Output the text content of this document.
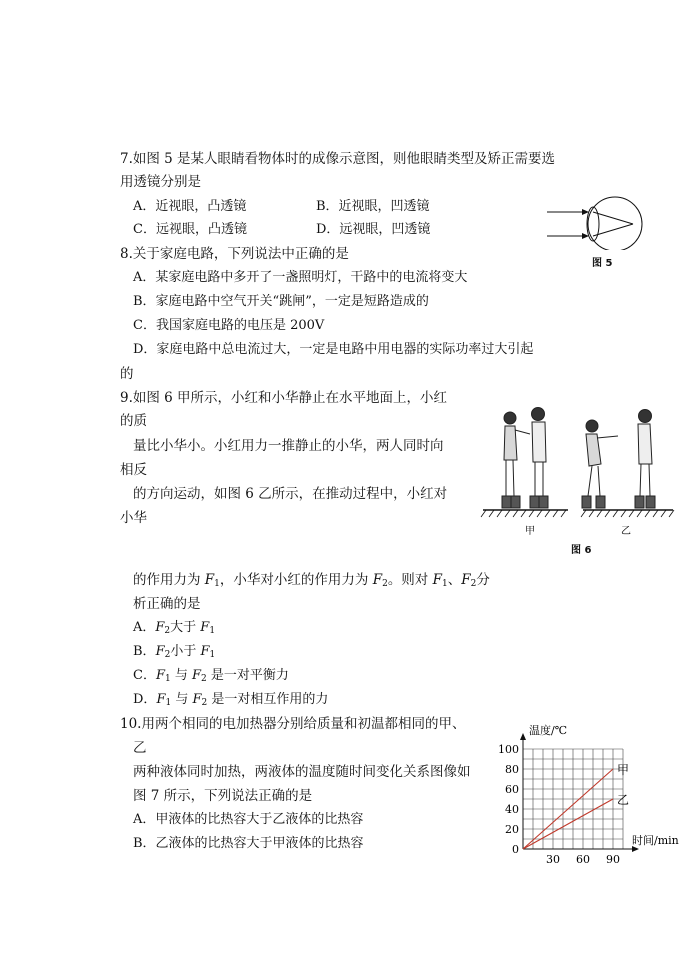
7.如图 5 是某人眼睛看物体时的成像示意图，则他眼睛类型及矫正需要选
用透镜分别是
A．近视眼，凸透镜	B．近视眼，凹透镜
C．远视眼，凸透镜	D．远视眼，凹透镜
图 5
8.关于家庭电路，下列说法中正确的是
A．某家庭电路中多开了一盏照明灯，干路中的电流将变大
B．家庭电路中空气开关“跳闸”，一定是短路造成的
C．我国家庭电路的电压是 200V
D．家庭电路中总电流过大，一定是电路中用电器的实际功率过大引起
的
9.如图 6 甲所示，小红和小华静止在水平地面上，小红
的质
量比小华小。小红用力一推静止的小华，两人同时向
相反
的方向运动，如图 6 乙所示，在推动过程中，小红对
小华
的作用力为 $F_1$，小华对小红的作用力为 $F_2$。则对 $F_1$、$F_2$分
析正确的是
A．$F_2$大于 $F_1$
B．$F_2$小于 $F_1$
C．$F_1$ 与 $F_2$ 是一对平衡力
D．$F_1$ 与 $F_2$ 是一对相互作用的力
甲	乙
图 6
10.用两个相同的电加热器分别给质量和初温都相同的甲、
乙
两种液体同时加热，两液体的温度随时间变化关系图像如
图 7 所示，下列说法正确的是
A．甲液体的比热容大于乙液体的比热容
B．乙液体的比热容大于甲液体的比热容	0
20
40
60
80
100
30 60 90
甲
乙
温度/℃
时间/min
